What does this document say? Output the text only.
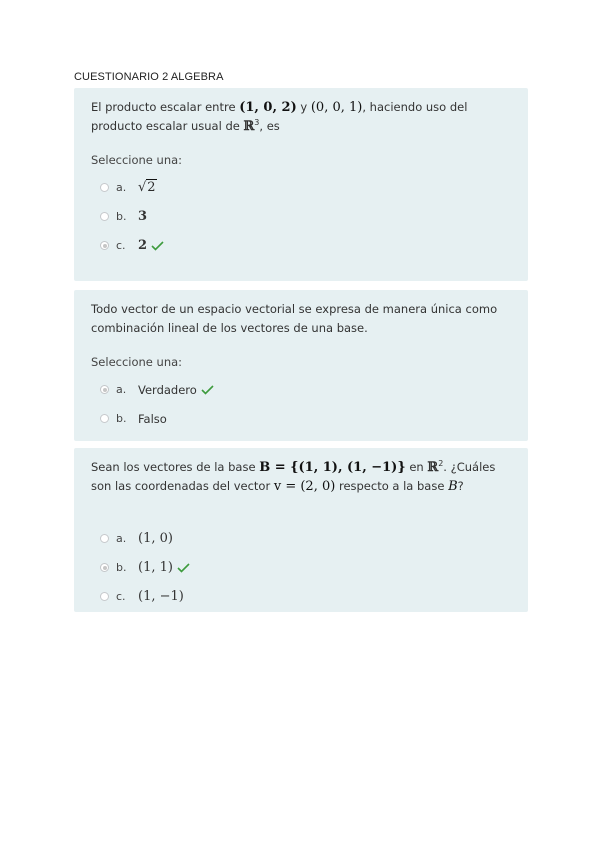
CUESTIONARIO 2 ALGEBRA
El producto escalar entre (1, 0, 2) y (0, 0, 1), haciendo uso del producto escalar usual de ℝ$^3$, es
Seleccione una:
a. √2
b. 3
c. 2
Todo vector de un espacio vectorial se expresa de manera única como combinación lineal de los vectores de una base.
Seleccione una:
a.	Verdadero
b.	Falso
Sean los vectores de la base B = {(1, 1), (1, −1)} en ℝ$^2$. ¿Cuáles son las coordenadas del vector v = (2, 0) respecto a la base B?
a. (1, 0)
b. (1, 1)
c. (1, −1)
